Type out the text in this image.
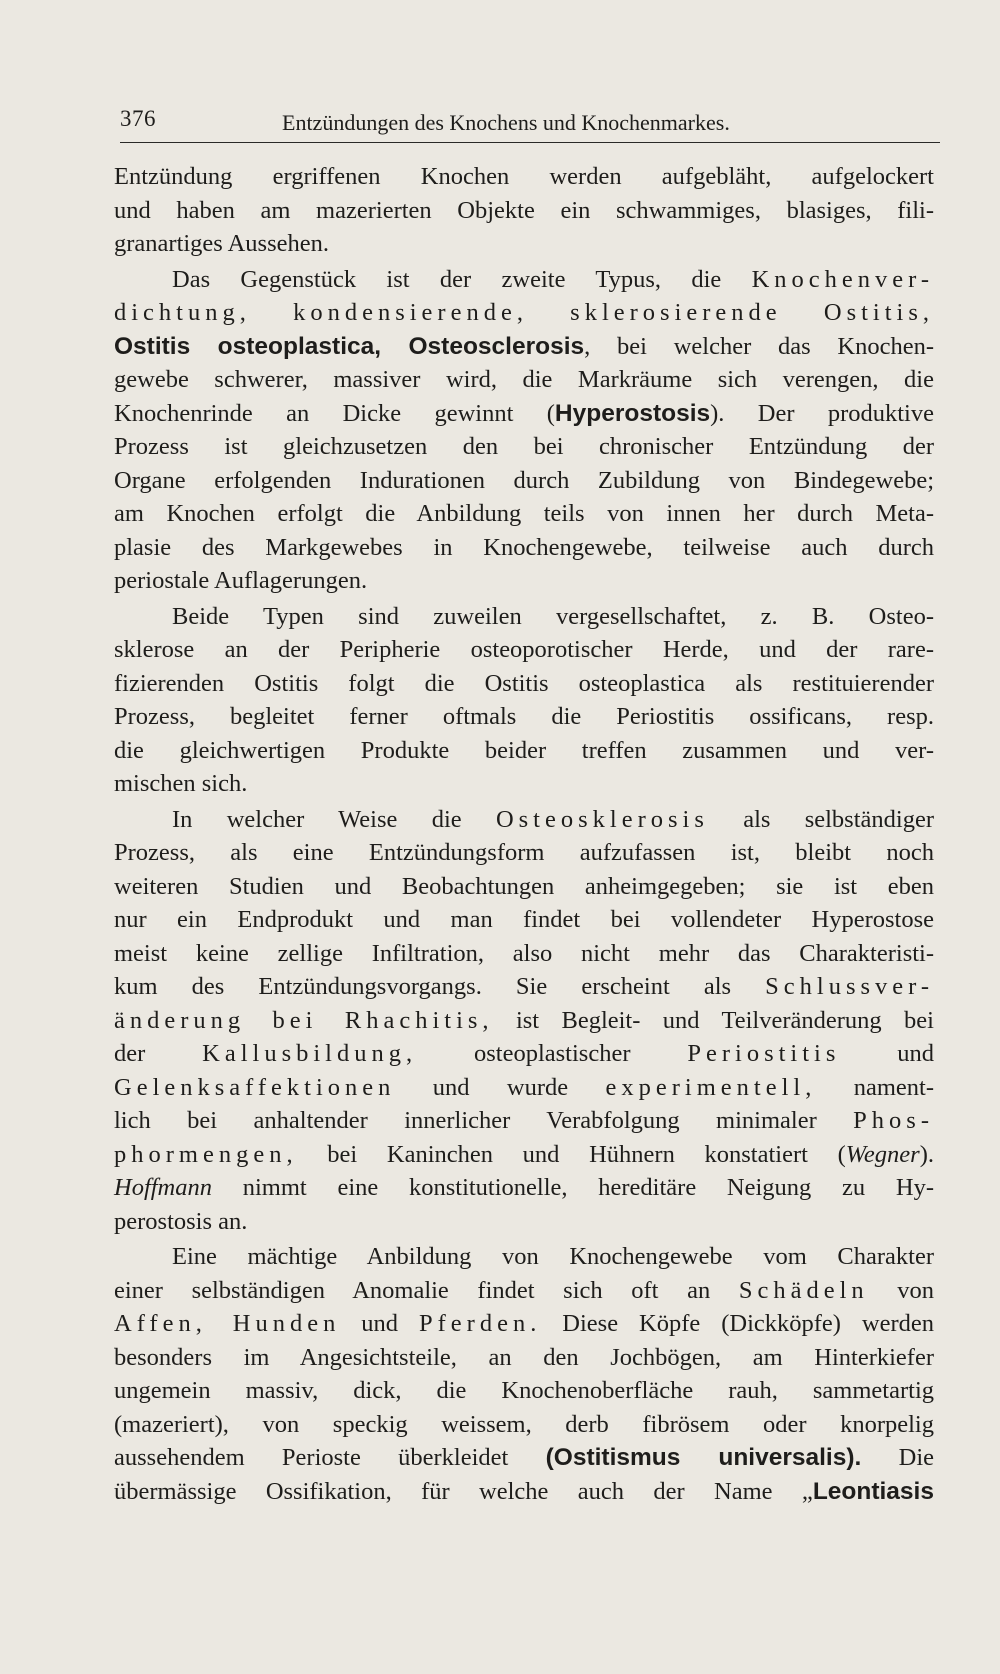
376	Entzündungen des Knochens und Knochenmarkes.
Entzündung ergriffenen Knochen werden aufgebläht, aufgelockert
und haben am mazerierten Objekte ein schwammiges, blasiges, fili-
granartiges Aussehen.
Das Gegenstück ist der zweite Typus, die Knochenver-
dichtung, kondensierende, sklerosierende Ostitis,
Ostitis osteoplastica, Osteosclerosis, bei welcher das Knochen-
gewebe schwerer, massiver wird, die Markräume sich verengen, die
Knochenrinde an Dicke gewinnt (Hyperostosis). Der produktive
Prozess ist gleichzusetzen den bei chronischer Entzündung der
Organe erfolgenden Indurationen durch Zubildung von Bindegewebe;
am Knochen erfolgt die Anbildung teils von innen her durch Meta-
plasie des Markgewebes in Knochengewebe, teilweise auch durch
periostale Auflagerungen.
Beide Typen sind zuweilen vergesellschaftet, z. B. Osteo-
sklerose an der Peripherie osteoporotischer Herde, und der rare-
fizierenden Ostitis folgt die Ostitis osteoplastica als restituierender
Prozess, begleitet ferner oftmals die Periostitis ossificans, resp.
die gleichwertigen Produkte beider treffen zusammen und ver-
mischen sich.
In welcher Weise die Osteosklerosis als selbständiger
Prozess, als eine Entzündungsform aufzufassen ist, bleibt noch
weiteren Studien und Beobachtungen anheimgegeben; sie ist eben
nur ein Endprodukt und man findet bei vollendeter Hyperostose
meist keine zellige Infiltration, also nicht mehr das Charakteristi-
kum des Entzündungsvorgangs. Sie erscheint als Schlussver-
änderung bei Rhachitis, ist Begleit- und Teilveränderung bei
der Kallusbildung, osteoplastischer Periostitis und
Gelenksaffektionen und wurde experimentell, nament-
lich bei anhaltender innerlicher Verabfolgung minimaler Phos-
phormengen, bei Kaninchen und Hühnern konstatiert (Wegner).
Hoffmann nimmt eine konstitutionelle, hereditäre Neigung zu Hy-
perostosis an.
Eine mächtige Anbildung von Knochengewebe vom Charakter
einer selbständigen Anomalie findet sich oft an Schädeln von
Affen, Hunden und Pferden. Diese Köpfe (Dickköpfe) werden
besonders im Angesichtsteile, an den Jochbögen, am Hinterkiefer
ungemein massiv, dick, die Knochenoberfläche rauh, sammetartig
(mazeriert), von speckig weissem, derb fibrösem oder knorpelig
aussehendem Perioste überkleidet (Ostitismus universalis). Die
übermässige Ossifikation, für welche auch der Name „Leontiasis
